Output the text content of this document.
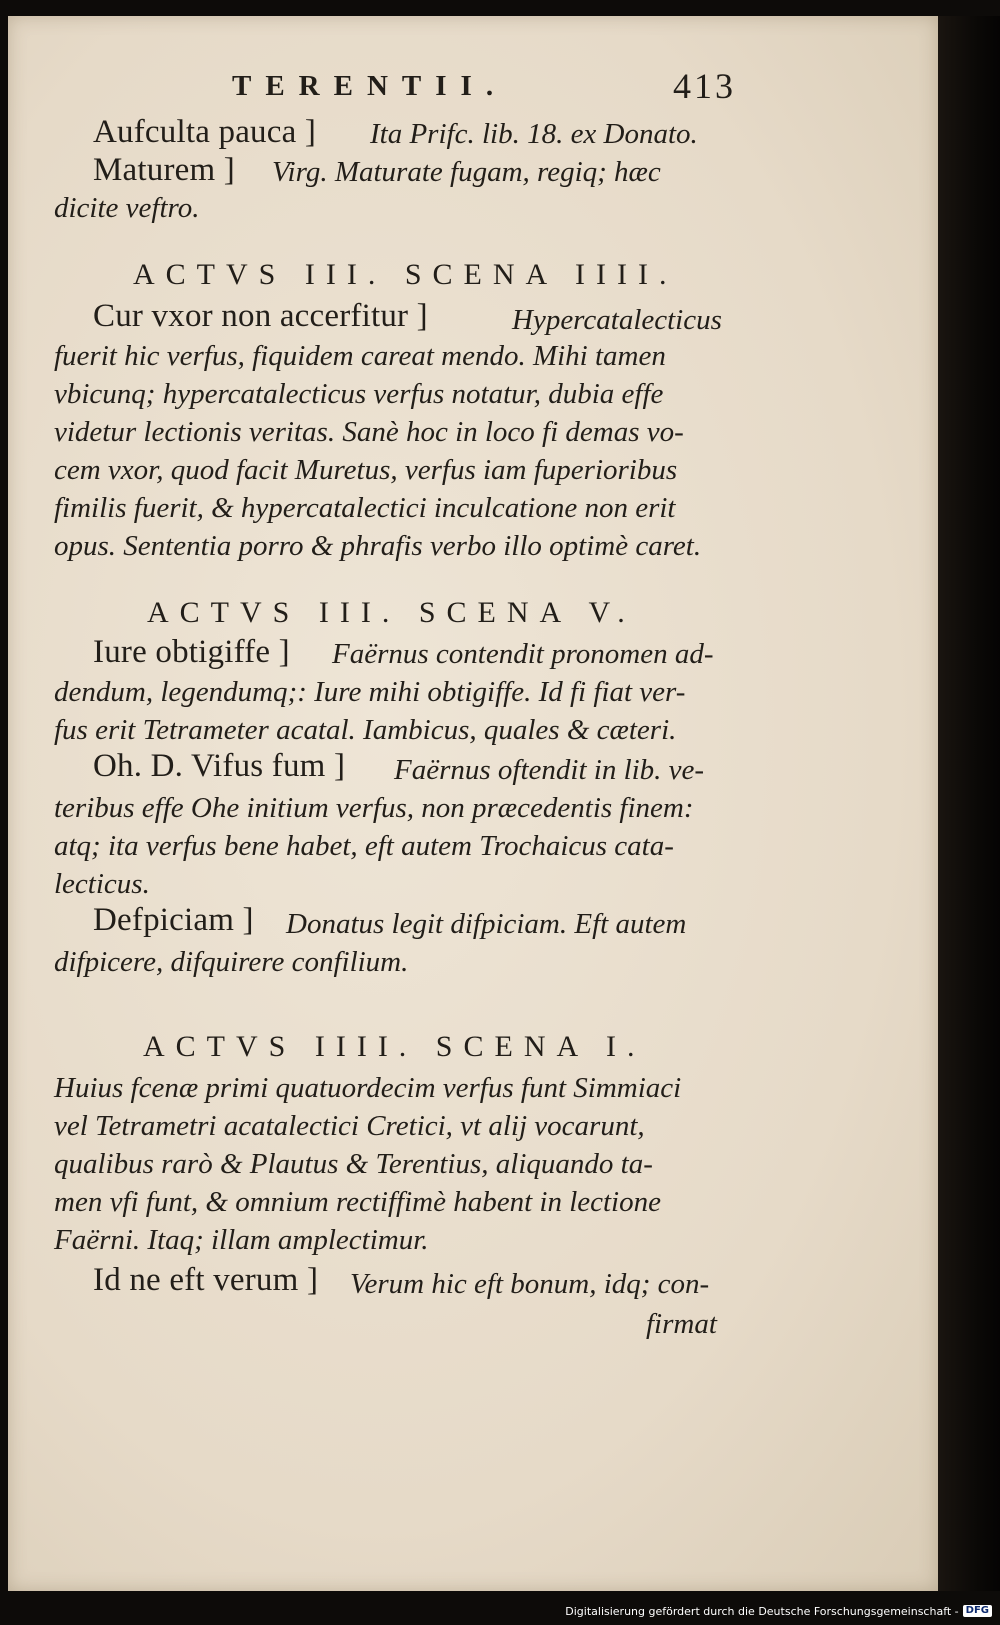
TERENTII.	413
Aufculta pauca ] Ita Prifc. lib. 18. ex Donato.
Maturem ] Virg. Maturate fugam, regiq; hæc
dicite veftro.
ACTVS III. SCENA IIII.
Cur vxor non accerfitur ]	Hypercatalecticus
fuerit hic verfus, fiquidem careat mendo. Mihi tamen
vbicunq; hypercatalecticus verfus notatur, dubia effe
videtur lectionis veritas. Sanè hoc in loco fi demas vo-
cem vxor, quod facit Muretus, verfus iam fuperioribus
fimilis fuerit, & hypercatalectici inculcatione non erit
opus. Sententia porro & phrafis verbo illo optimè caret.
ACTVS III. SCENA V.
Iure obtigiffe ] Faërnus contendit pronomen ad-
dendum, legendumq;: Iure mihi obtigiffe. Id fi fiat ver-
fus erit Tetrameter acatal. Iambicus, quales & cæteri.
Oh. D. Vifus fum ] Faërnus oftendit in lib. ve-
teribus effe Ohe initium verfus, non præcedentis finem:
atq; ita verfus bene habet, eft autem Trochaicus cata-
lecticus.
Defpiciam ] Donatus legit difpiciam. Eft autem
difpicere, difquirere confilium.
ACTVS IIII. SCENA I.
Huius fcenæ primi quatuordecim verfus funt Simmiaci
vel Tetrametri acatalectici Cretici, vt alij vocarunt,
qualibus rarò & Plautus & Terentius, aliquando ta-
men vfi funt, & omnium rectiffimè habent in lectione
Faërni. Itaq; illam amplectimur.
Id ne eft verum ] Verum hic eft bonum, idq; con-
firmat
Digitalisierung gefördert durch die Deutsche Forschungsgemeinschaft - DFG
